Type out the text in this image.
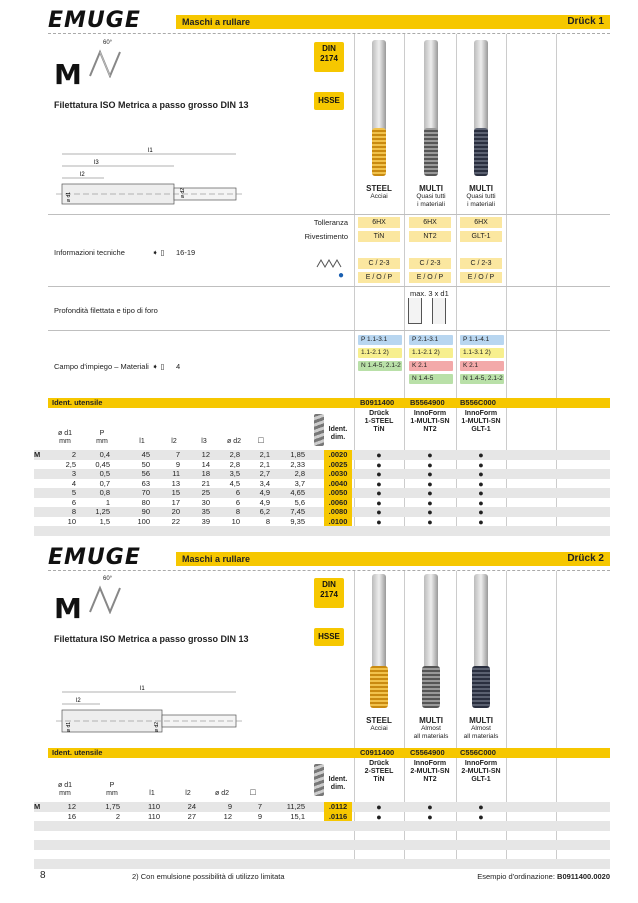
EMUGE	Maschi a rullare	Drück 1
M
60°
Filettatura ISO Metrica a passo grosso DIN 13
DIN
2174
HSSE
l1
l3
l2
ø d2
ø d1
STEEL
Acciai
MULTI
Quasi tutti
i materiali
MULTI
Quasi tutti
i materiali
Tolleranza
Rivestimento
6HX	6HX	6HX
TiN	NT2	GLT-1
Informazioni tecniche	➧ ▯ 16-19
●
C / 2-3	C / 2-3	C / 2-3
E / O / P	E / O / P	E / O / P
max. 3 x d1
Profondità filettata e tipo di foro
Campo d'impiego – Materiali ➧ ▯ 4
P 1.1-3.1
1.1-2.1 2)
N 1.4-5, 2.1-2
P 2.1-3.1
1.1-2.1 2)
K 2.1
N 1.4-5
P 1.1-4.1
1.1-3.1 2)
K 2.1
N 1.4-5, 2.1-2
Ident. utensile	B0911400 B5564900 B556C000
ø d1
mm
P
mm	l1	l2	l3	ø d2	□
Ident.
dim.
Drück
1-STEEL
TiN
InnoForm
1-MULTI-SN
NT2
InnoForm
1-MULTI-SN
GLT-1
M	2	0,4	45	7	12	2,8	2,1	1,85	.0020	●	●	●
2,5	0,45	50	9	14	2,8	2,1	2,33	.0025	●	●	●
3	0,5	56	11	18	3,5	2,7	2,8	.0030	●	●	●
4	0,7	63	13	21	4,5	3,4	3,7	.0040	●	●	●
5	0,8	70	15	25	6	4,9	4,65	.0050	●	●	●
6	1	80	17	30	6	4,9	5,6	.0060	●	●	●
8	1,25	90	20	35	8	6,2	7,45	.0080	●	●	●
10	1,5	100	22	39	10	8	9,35	.0100	●	●	●
EMUGE	Maschi a rullare	Drück 2
M
60°
Filettatura ISO Metrica a passo grosso DIN 13
DIN
2174
HSSE
l1
l2
ø d2
ø d1
STEEL
Acciai
MULTI
Almost
all materials
MULTI
Almost
all materials
Ident. utensile	C0911400 C5564900 C556C000
ø d1
mm
P
mm	l1	l2	ø d2	□
Ident.
dim.
Drück
2-STEEL
TiN
InnoForm
2-MULTI-SN
NT2
InnoForm
2-MULTI-SN
GLT-1
M	12	1,75	110	24	9	7	11,25	.0112	●	●	●
16	2	110	27	12	9	15,1	.0116	●	●	●
8	2) Con emulsione possibilità di utilizzo limitata	Esempio d'ordinazione: B0911400.0020
